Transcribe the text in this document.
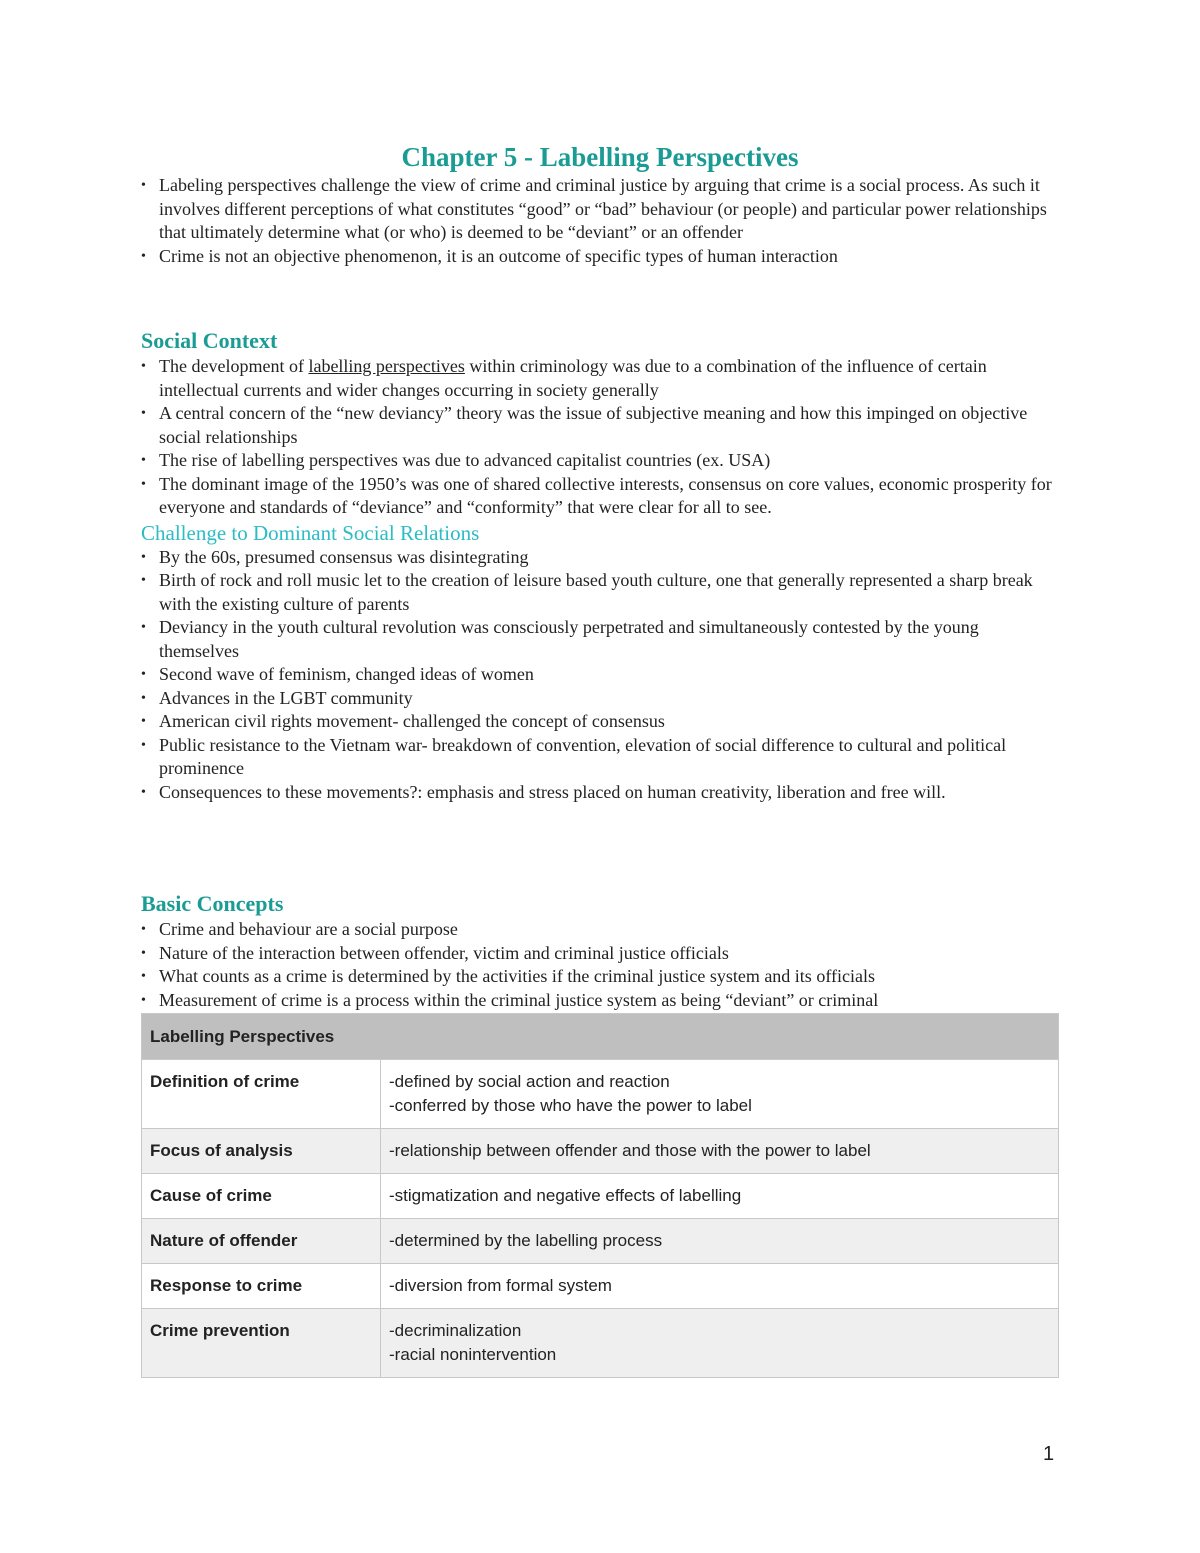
Chapter 5 - Labelling Perspectives
• Labeling perspectives challenge the view of crime and criminal justice by arguing that crime is a social process. As such it involves different perceptions of what constitutes “good” or “bad” behaviour (or people) and particular power relationships that ultimately determine what (or who) is deemed to be “deviant” or an offender
• Crime is not an objective phenomenon, it is an outcome of specific types of human interaction

Social Context

• The development of labelling perspectives within criminology was due to a combination of the influence of certain intellectual currents and wider changes occurring in society generally
• A central concern of the “new deviancy” theory was the issue of subjective meaning and how this impinged on objective social relationships
• The rise of labelling perspectives was due to advanced capitalist countries (ex. USA)
• The dominant image of the 1950’s was one of shared collective interests, consensus on core values, economic prosperity for everyone and standards of “deviance” and “conformity” that were clear for all to see.

Challenge to Dominant Social Relations

• By the 60s, presumed consensus was disintegrating
• Birth of rock and roll music let to the creation of leisure based youth culture, one that generally represented a sharp break with the existing culture of parents
• Deviancy in the youth cultural revolution was consciously perpetrated and simultaneously contested by the young themselves
• Second wave of feminism, changed ideas of women
• Advances in the LGBT community
• American civil rights movement- challenged the concept of consensus
• Public resistance to the Vietnam war- breakdown of convention, elevation of social difference to cultural and political prominence
• Consequences to these movements?: emphasis and stress placed on human creativity, liberation and free will.

Basic Concepts

• Crime and behaviour are a social purpose
• Nature of the interaction between offender, victim and criminal justice officials
• What counts as a crime is determined by the activities if the criminal justice system and its officials
• Measurement of crime is a process within the criminal justice system as being “deviant” or criminal
Labelling Perspectives	
Definition of crime	-defined by social action and reaction
-conferred by those who have the power to label

Focus of analysis	-relationship between offender and those with the power to label
Cause of crime	-stigmatization and negative effects of labelling
Nature of offender	-determined by the labelling process
Response to crime	-diversion from formal system
Crime prevention	-decriminalization
-racial nonintervention
1
